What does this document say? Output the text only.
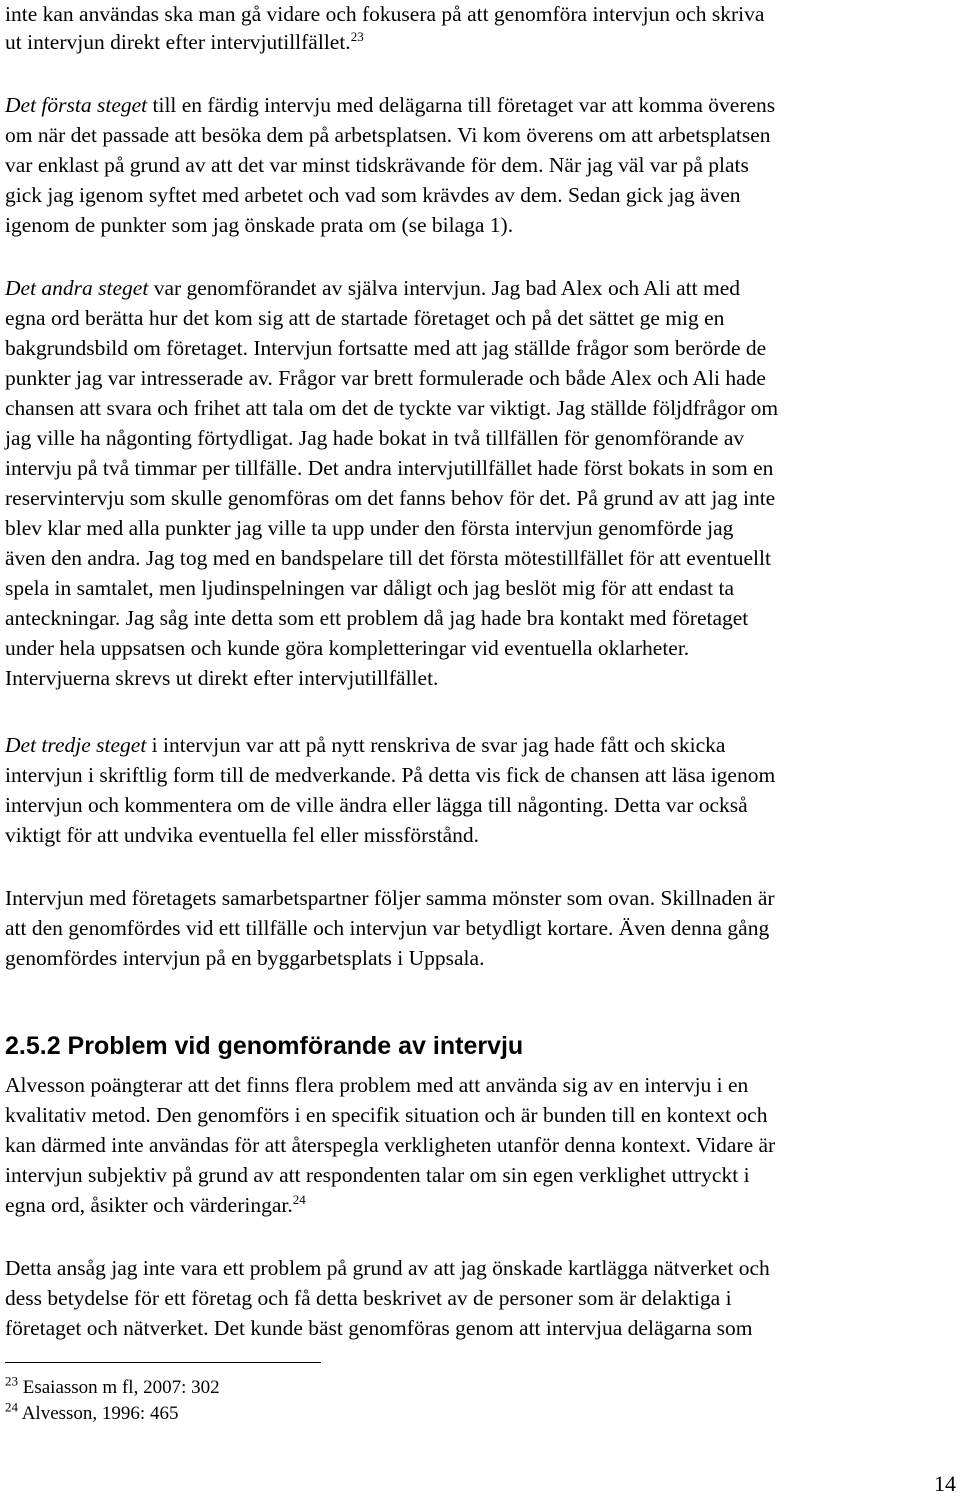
inte kan användas ska man gå vidare och fokusera på att genomföra intervjun och skriva

ut intervjun direkt efter intervjutillfället.$^{23}$

Det första steget till en färdig intervju med delägarna till företaget var att komma överens

om när det passade att besöka dem på arbetsplatsen. Vi kom överens om att arbetsplatsen

var enklast på grund av att det var minst tidskrävande för dem. När jag väl var på plats

gick jag igenom syftet med arbetet och vad som krävdes av dem. Sedan gick jag även

igenom de punkter som jag önskade prata om (se bilaga 1).

Det andra steget var genomförandet av själva intervjun. Jag bad Alex och Ali att med

egna ord berätta hur det kom sig att de startade företaget och på det sättet ge mig en

bakgrundsbild om företaget. Intervjun fortsatte med att jag ställde frågor som berörde de

punkter jag var intresserade av. Frågor var brett formulerade och både Alex och Ali hade

chansen att svara och frihet att tala om det de tyckte var viktigt. Jag ställde följdfrågor om

jag ville ha någonting förtydligat. Jag hade bokat in två tillfällen för genomförande av

intervju på två timmar per tillfälle. Det andra intervjutillfället hade först bokats in som en

reservintervju som skulle genomföras om det fanns behov för det. På grund av att jag inte

blev klar med alla punkter jag ville ta upp under den första intervjun genomförde jag

även den andra. Jag tog med en bandspelare till det första mötestillfället för att eventuellt

spela in samtalet, men ljudinspelningen var dåligt och jag beslöt mig för att endast ta

anteckningar. Jag såg inte detta som ett problem då jag hade bra kontakt med företaget

under hela uppsatsen och kunde göra kompletteringar vid eventuella oklarheter.

Intervjuerna skrevs ut direkt efter intervjutillfället.

Det tredje steget i intervjun var att på nytt renskriva de svar jag hade fått och skicka

intervjun i skriftlig form till de medverkande. På detta vis fick de chansen att läsa igenom

intervjun och kommentera om de ville ändra eller lägga till någonting. Detta var också

viktigt för att undvika eventuella fel eller missförstånd.

Intervjun med företagets samarbetspartner följer samma mönster som ovan. Skillnaden är

att den genomfördes vid ett tillfälle och intervjun var betydligt kortare. Även denna gång

genomfördes intervjun på en byggarbetsplats i Uppsala.

2.5.2 Problem vid genomförande av intervju

Alvesson poängterar att det finns flera problem med att använda sig av en intervju i en

kvalitativ metod. Den genomförs i en specifik situation och är bunden till en kontext och

kan därmed inte användas för att återspegla verkligheten utanför denna kontext. Vidare är

intervjun subjektiv på grund av att respondenten talar om sin egen verklighet uttryckt i

egna ord, åsikter och värderingar.$^{24}$

Detta ansåg jag inte vara ett problem på grund av att jag önskade kartlägga nätverket och

dess betydelse för ett företag och få detta beskrivet av de personer som är delaktiga i

företaget och nätverket. Det kunde bäst genomföras genom att intervjua delägarna som

$^{23}$ Esaiasson m fl, 2007: 302

$^{24}$ Alvesson, 1996: 465

14
